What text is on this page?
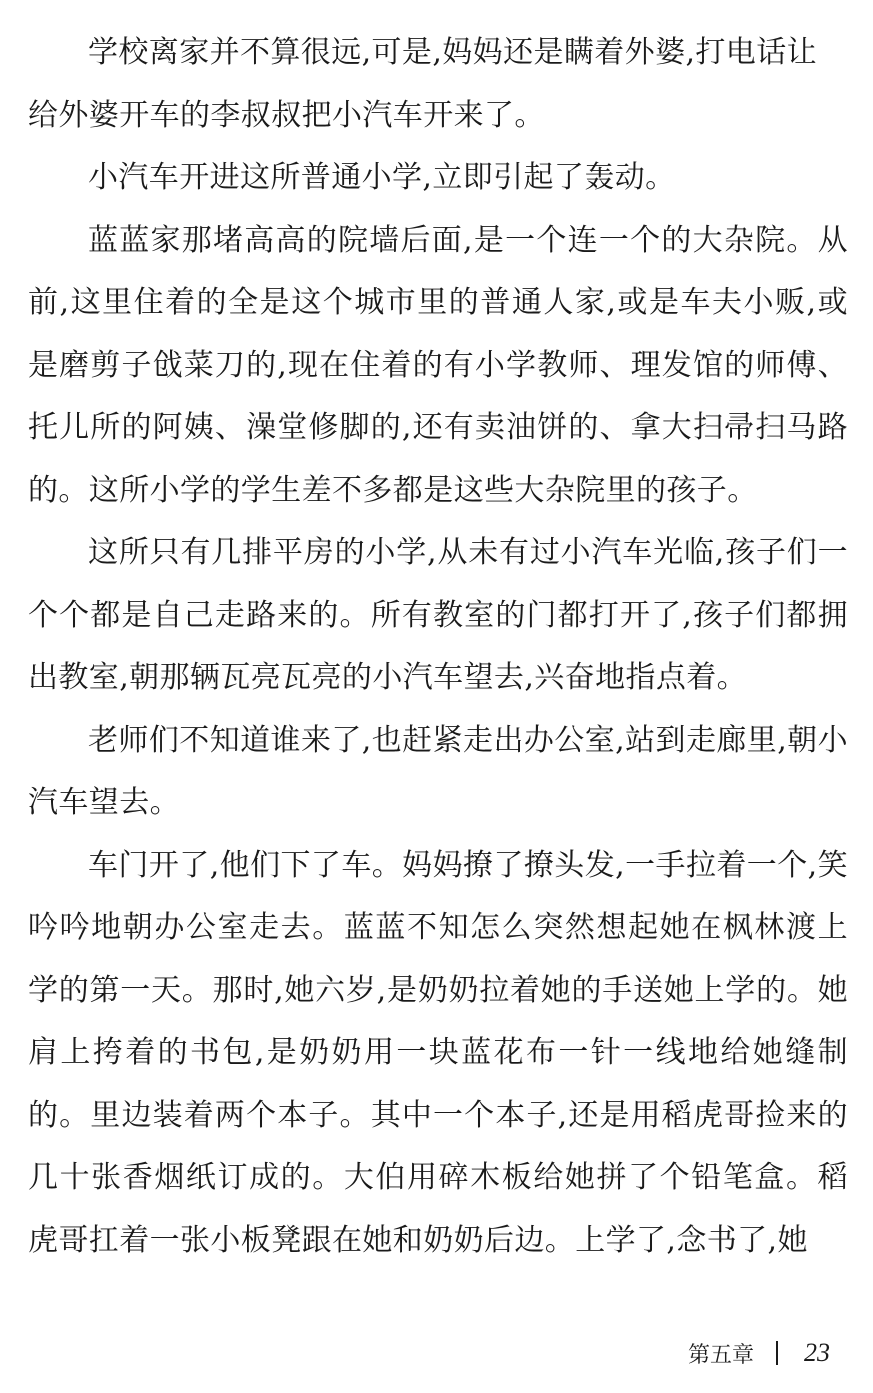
学校离家并不算很远,可是,妈妈还是瞒着外婆,打电话让
给外婆开车的李叔叔把小汽车开来了。

小汽车开进这所普通小学,立即引起了轰动。

蓝蓝家那堵高高的院墙后面,是一个连一个的大杂院。从前,这里住着的全是这个城市里的普通人家,或是车夫小贩,或是磨剪子戗菜刀的,现在住着的有小学教师、理发馆的师傅、托儿所的阿姨、澡堂修脚的,还有卖油饼的、拿大扫帚扫马路的。这所小学的学生差不多都是这些大杂院里的孩子。

这所只有几排平房的小学,从未有过小汽车光临,孩子们一个个都是自己走路来的。所有教室的门都打开了,孩子们都拥出教室,朝那辆瓦亮瓦亮的小汽车望去,兴奋地指点着。

老师们不知道谁来了,也赶紧走出办公室,站到走廊里,朝小汽车望去。

车门开了,他们下了车。妈妈撩了撩头发,一手拉着一个,笑吟吟地朝办公室走去。蓝蓝不知怎么突然想起她在枫林渡上学的第一天。那时,她六岁,是奶奶拉着她的手送她上学的。她肩上挎着的书包,是奶奶用一块蓝花布一针一线地给她缝制的。里边装着两个本子。其中一个本子,还是用稻虎哥捡来的几十张香烟纸订成的。大伯用碎木板给她拼了个铅笔盒。稻虎哥扛着一张小板凳跟在她和奶奶后边。上学了,念书了,她

第五章 23
